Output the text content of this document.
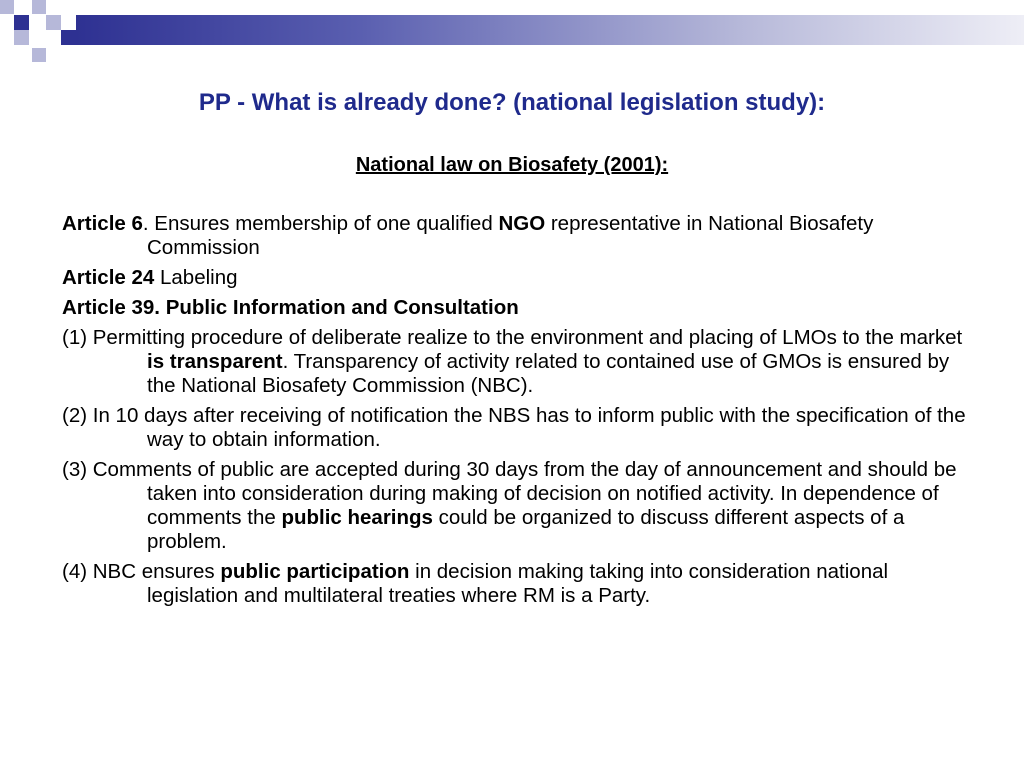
PP - What is already done? (national legislation study):
National law on Biosafety (2001):

Article 6. Ensures membership of one qualified NGO representative in National Biosafety Commission

Article 24 Labeling

Article 39. Public Information and Consultation

(1) Permitting procedure of deliberate realize to the environment and placing of LMOs to the market is transparent. Transparency of activity related to contained use of GMOs is ensured by the National Biosafety Commission (NBC).

(2) In 10 days after receiving of notification the NBS has to inform public with the specification of the way to obtain information.

(3) Comments of public are accepted during 30 days from the day of announcement and should be taken into consideration during making of decision on notified activity. In dependence of comments the public hearings could be organized to discuss different aspects of a problem.

(4) NBC ensures public participation in decision making taking into consideration national legislation and multilateral treaties where RM is a Party.
